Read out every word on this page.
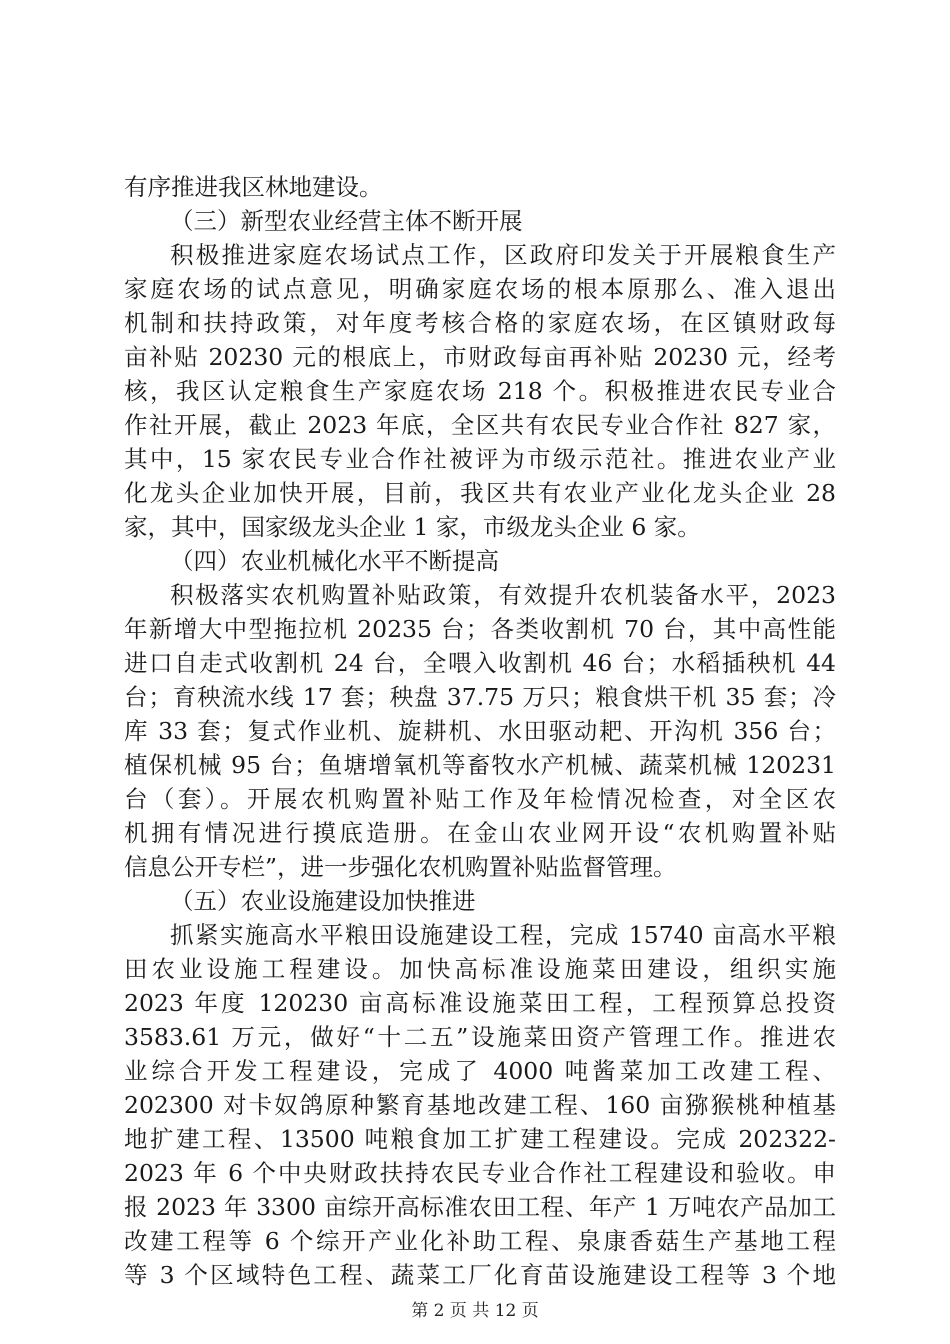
有序推进我区林地建设。
（三）新型农业经营主体不断开展
积极推进家庭农场试点工作，区政府印发关于开展粮食生产
家庭农场的试点意见，明确家庭农场的根本原那么、准入退出
机制和扶持政策，对年度考核合格的家庭农场，在区镇财政每
亩补贴 20230 元的根底上，市财政每亩再补贴 20230 元，经考
核，我区认定粮食生产家庭农场 218 个。积极推进农民专业合
作社开展，截止 2023 年底，全区共有农民专业合作社 827 家，
其中，15 家农民专业合作社被评为市级示范社。推进农业产业
化龙头企业加快开展，目前，我区共有农业产业化龙头企业 28
家，其中，国家级龙头企业 1 家，市级龙头企业 6 家。
（四）农业机械化水平不断提高
积极落实农机购置补贴政策，有效提升农机装备水平，2023
年新增大中型拖拉机 20235 台；各类收割机 70 台，其中高性能
进口自走式收割机 24 台，全喂入收割机 46 台；水稻插秧机 44
台；育秧流水线 17 套；秧盘 37.75 万只；粮食烘干机 35 套；冷
库 33 套；复式作业机、旋耕机、水田驱动耙、开沟机 356 台；
植保机械 95 台；鱼塘增氧机等畜牧水产机械、蔬菜机械 120231
台（套）。开展农机购置补贴工作及年检情况检查，对全区农
机拥有情况进行摸底造册。在金山农业网开设“农机购置补贴
信息公开专栏”，进一步强化农机购置补贴监督管理。
（五）农业设施建设加快推进
抓紧实施高水平粮田设施建设工程，完成 15740 亩高水平粮
田农业设施工程建设。加快高标准设施菜田建设，组织实施
2023 年度 120230 亩高标准设施菜田工程，工程预算总投资
3583.61 万元，做好“十二五”设施菜田资产管理工作。推进农
业综合开发工程建设，完成了 4000 吨酱菜加工改建工程、
202300 对卡奴鸽原种繁育基地改建工程、160 亩猕猴桃种植基
地扩建工程、13500 吨粮食加工扩建工程建设。完成 202322-
2023 年 6 个中央财政扶持农民专业合作社工程建设和验收。申
报 2023 年 3300 亩综开高标准农田工程、年产 1 万吨农产品加工
改建工程等 6 个综开产业化补助工程、泉康香菇生产基地工程
等 3 个区域特色工程、蔬菜工厂化育苗设施建设工程等 3 个地
第 2 页 共 12 页
